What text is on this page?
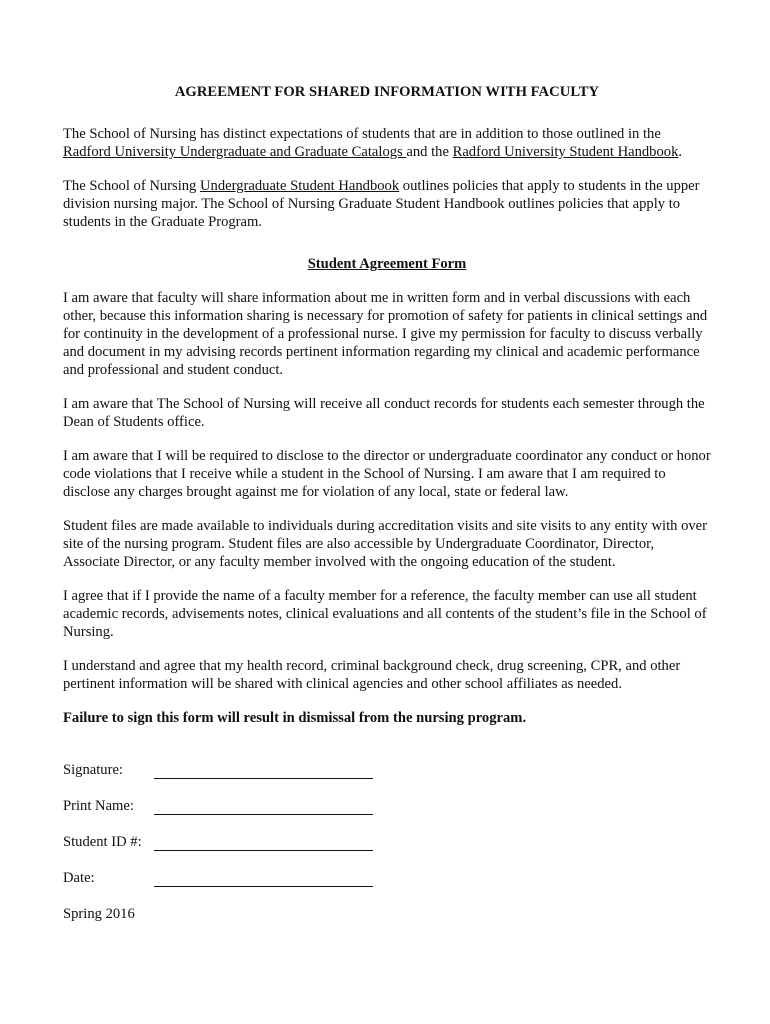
AGREEMENT FOR SHARED INFORMATION WITH FACULTY

The School of Nursing has distinct expectations of students that are in addition to those outlined in the Radford University Undergraduate and Graduate Catalogs and the Radford University Student Handbook.

The School of Nursing Undergraduate Student Handbook outlines policies that apply to students in the upper division nursing major. The School of Nursing Graduate Student Handbook outlines policies that apply to students in the Graduate Program.

Student Agreement Form

I am aware that faculty will share information about me in written form and in verbal discussions with each other, because this information sharing is necessary for promotion of safety for patients in clinical settings and for continuity in the development of a professional nurse. I give my permission for faculty to discuss verbally and document in my advising records pertinent information regarding my clinical and academic performance and professional and student conduct.

I am aware that The School of Nursing will receive all conduct records for students each semester through the Dean of Students office.

I am aware that I will be required to disclose to the director or undergraduate coordinator any conduct or honor code violations that I receive while a student in the School of Nursing. I am aware that I am required to disclose any charges brought against me for violation of any local, state or federal law.

Student files are made available to individuals during accreditation visits and site visits to any entity with over site of the nursing program. Student files are also accessible by Undergraduate Coordinator, Director, Associate Director, or any faculty member involved with the ongoing education of the student.

I agree that if I provide the name of a faculty member for a reference, the faculty member can use all student academic records, advisements notes, clinical evaluations and all contents of the student’s file in the School of Nursing.

I understand and agree that my health record, criminal background check, drug screening, CPR, and other pertinent information will be shared with clinical agencies and other school affiliates as needed.

Failure to sign this form will result in dismissal from the nursing program.
Signature:
Print Name:
Student ID #:
Date:
Spring 2016
